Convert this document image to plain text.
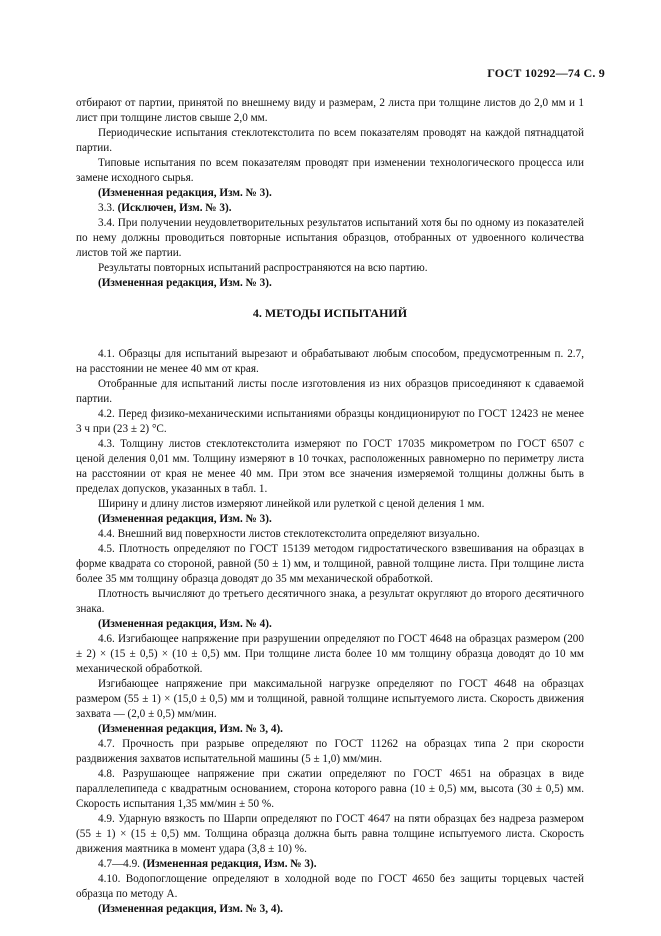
ГОСТ 10292—74 С. 9

отбирают от партии, принятой по внешнему виду и размерам, 2 листа при толщине листов до 2,0 мм и 1 лист при толщине листов свыше 2,0 мм.

Периодические испытания стеклотекстолита по всем показателям проводят на каждой пятнадцатой партии.

Типовые испытания по всем показателям проводят при изменении технологического процесса или замене исходного сырья.

(Измененная редакция, Изм. № 3).

3.3. (Исключен, Изм. № 3).

3.4. При получении неудовлетворительных результатов испытаний хотя бы по одному из показателей по нему должны проводиться повторные испытания образцов, отобранных от удвоенного количества листов той же партии.

Результаты повторных испытаний распространяются на всю партию.

(Измененная редакция, Изм. № 3).

4. МЕТОДЫ ИСПЫТАНИЙ

4.1. Образцы для испытаний вырезают и обрабатывают любым способом, предусмотренным п. 2.7, на расстоянии не менее 40 мм от края.

Отобранные для испытаний листы после изготовления из них образцов присоединяют к сдаваемой партии.

4.2. Перед физико-механическими испытаниями образцы кондиционируют по ГОСТ 12423 не менее 3 ч при (23 ± 2) °С.

4.3. Толщину листов стеклотекстолита измеряют по ГОСТ 17035 микрометром по ГОСТ 6507 с ценой деления 0,01 мм. Толщину измеряют в 10 точках, расположенных равномерно по периметру листа на расстоянии от края не менее 40 мм. При этом все значения измеряемой толщины должны быть в пределах допусков, указанных в табл. 1.

Ширину и длину листов измеряют линейкой или рулеткой с ценой деления 1 мм.

(Измененная редакция, Изм. № 3).

4.4. Внешний вид поверхности листов стеклотекстолита определяют визуально.

4.5. Плотность определяют по ГОСТ 15139 методом гидростатического взвешивания на образцах в форме квадрата со стороной, равной (50 ± 1) мм, и толщиной, равной толщине листа. При толщине листа более 35 мм толщину образца доводят до 35 мм механической обработкой.

Плотность вычисляют до третьего десятичного знака, а результат округляют до второго десятичного знака.

(Измененная редакция, Изм. № 4).

4.6. Изгибающее напряжение при разрушении определяют по ГОСТ 4648 на образцах размером (200 ± 2) × (15 ± 0,5) × (10 ± 0,5) мм. При толщине листа более 10 мм толщину образца доводят до 10 мм механической обработкой.

Изгибающее напряжение при максимальной нагрузке определяют по ГОСТ 4648 на образцах размером (55 ± 1) × (15,0 ± 0,5) мм и толщиной, равной толщине испытуемого листа. Скорость движения захвата — (2,0 ± 0,5) мм/мин.

(Измененная редакция, Изм. № 3, 4).

4.7. Прочность при разрыве определяют по ГОСТ 11262 на образцах типа 2 при скорости раздвижения захватов испытательной машины (5 ± 1,0) мм/мин.

4.8. Разрушающее напряжение при сжатии определяют по ГОСТ 4651 на образцах в виде параллелепипеда с квадратным основанием, сторона которого равна (10 ± 0,5) мм, высота (30 ± 0,5) мм. Скорость испытания 1,35 мм/мин ± 50 %.

4.9. Ударную вязкость по Шарпи определяют по ГОСТ 4647 на пяти образцах без надреза размером (55 ± 1) × (15 ± 0,5) мм. Толщина образца должна быть равна толщине испытуемого листа. Скорость движения маятника в момент удара (3,8 ± 10) %.

4.7—4.9. (Измененная редакция, Изм. № 3).

4.10. Водопоглощение определяют в холодной воде по ГОСТ 4650 без защиты торцевых частей образца по методу А.

(Измененная редакция, Изм. № 3, 4).
